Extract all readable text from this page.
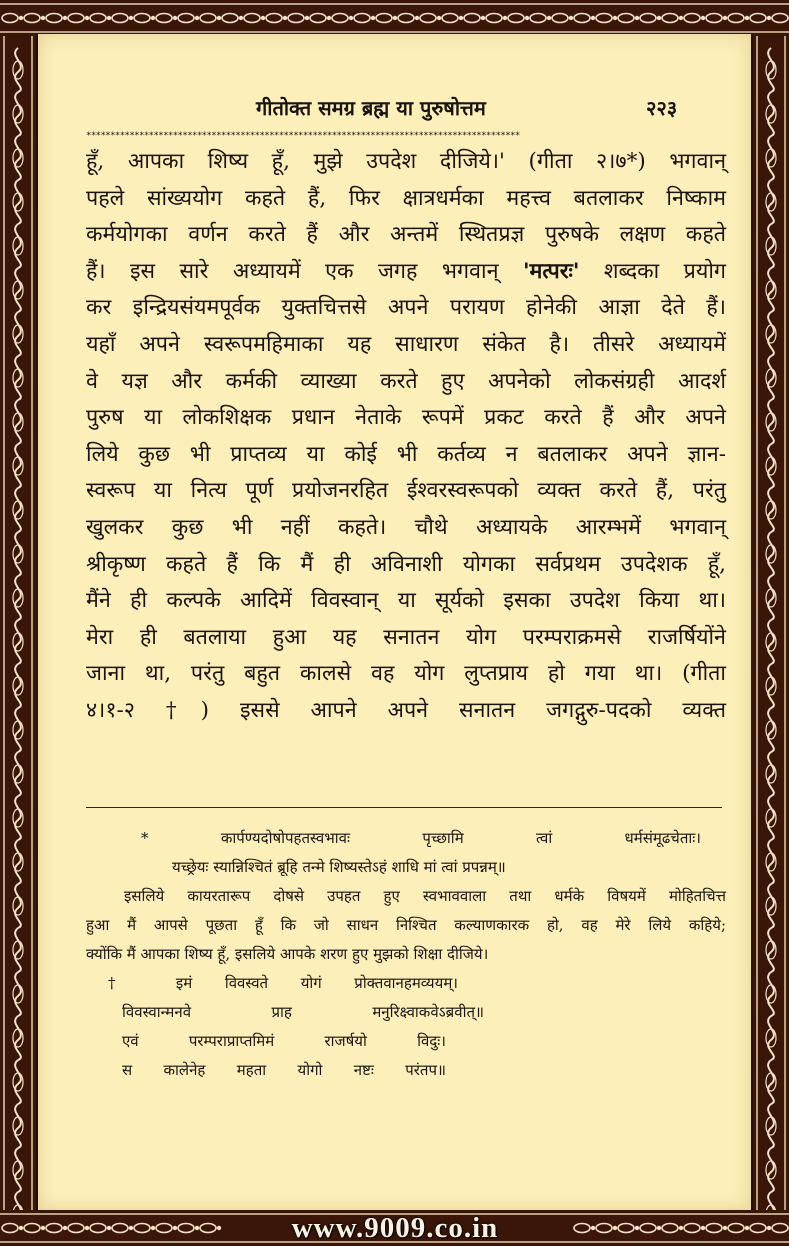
गीतोक्त समग्र ब्रह्म या पुरुषोत्तम	२२३
******************************************************************************************
हूँ, आपका शिष्य हूँ, मुझे उपदेश दीजिये।' (गीता २।७*) भगवान्
पहले सांख्ययोग कहते हैं, फिर क्षात्रधर्मका महत्त्व बतलाकर निष्काम
कर्मयोगका वर्णन करते हैं और अन्तमें स्थितप्रज्ञ पुरुषके लक्षण कहते
हैं। इस सारे अध्यायमें एक जगह भगवान् 'मत्परः' शब्दका प्रयोग
कर इन्द्रियसंयमपूर्वक युक्तचित्तसे अपने परायण होनेकी आज्ञा देते हैं।
यहाँ अपने स्वरूपमहिमाका यह साधारण संकेत है। तीसरे अध्यायमें
वे यज्ञ और कर्मकी व्याख्या करते हुए अपनेको लोकसंग्रही आदर्श
पुरुष या लोकशिक्षक प्रधान नेताके रूपमें प्रकट करते हैं और अपने
लिये कुछ भी प्राप्तव्य या कोई भी कर्तव्य न बतलाकर अपने ज्ञान-
स्वरूप या नित्य पूर्ण प्रयोजनरहित ईश्वरस्वरूपको व्यक्त करते हैं, परंतु
खुलकर कुछ भी नहीं कहते। चौथे अध्यायके आरम्भमें भगवान्
श्रीकृष्ण कहते हैं कि मैं ही अविनाशी योगका सर्वप्रथम उपदेशक हूँ,
मैंने ही कल्पके आदिमें विवस्वान् या सूर्यको इसका उपदेश किया था।
मेरा ही बतलाया हुआ यह सनातन योग परम्पराक्रमसे राजर्षियोंने
जाना था, परंतु बहुत कालसे वह योग लुप्तप्राय हो गया था। (गीता
४।१-२ †) इससे आपने अपने सनातन जगद्गुरु-पदको व्यक्त
* कार्पण्यदोषोपहतस्वभावः पृच्छामि त्वां धर्मसंमूढचेताः।
यच्छ्रेयः स्यान्निश्चितं ब्रूहि तन्मे शिष्यस्तेऽहं शाधि मां त्वां प्रपन्नम्॥
इसलिये कायरतारूप दोषसे उपहत हुए स्वभाववाला तथा धर्मके विषयमें मोहितचित्त
हुआ मैं आपसे पूछता हूँ कि जो साधन निश्चित कल्याणकारक हो, वह मेरे लिये कहिये;
क्योंकि मैं आपका शिष्य हूँ, इसलिये आपके शरण हुए मुझको शिक्षा दीजिये।
† इमं विवस्वते योगं प्रोक्तवानहमव्ययम्।
विवस्वान्मनवे प्राह मनुरिक्ष्वाकवेऽब्रवीत्॥
एवं परम्पराप्राप्तमिमं राजर्षयो विदुः।
स कालेनेह महता योगो नष्टः परंतप॥
www.9009.co.in
